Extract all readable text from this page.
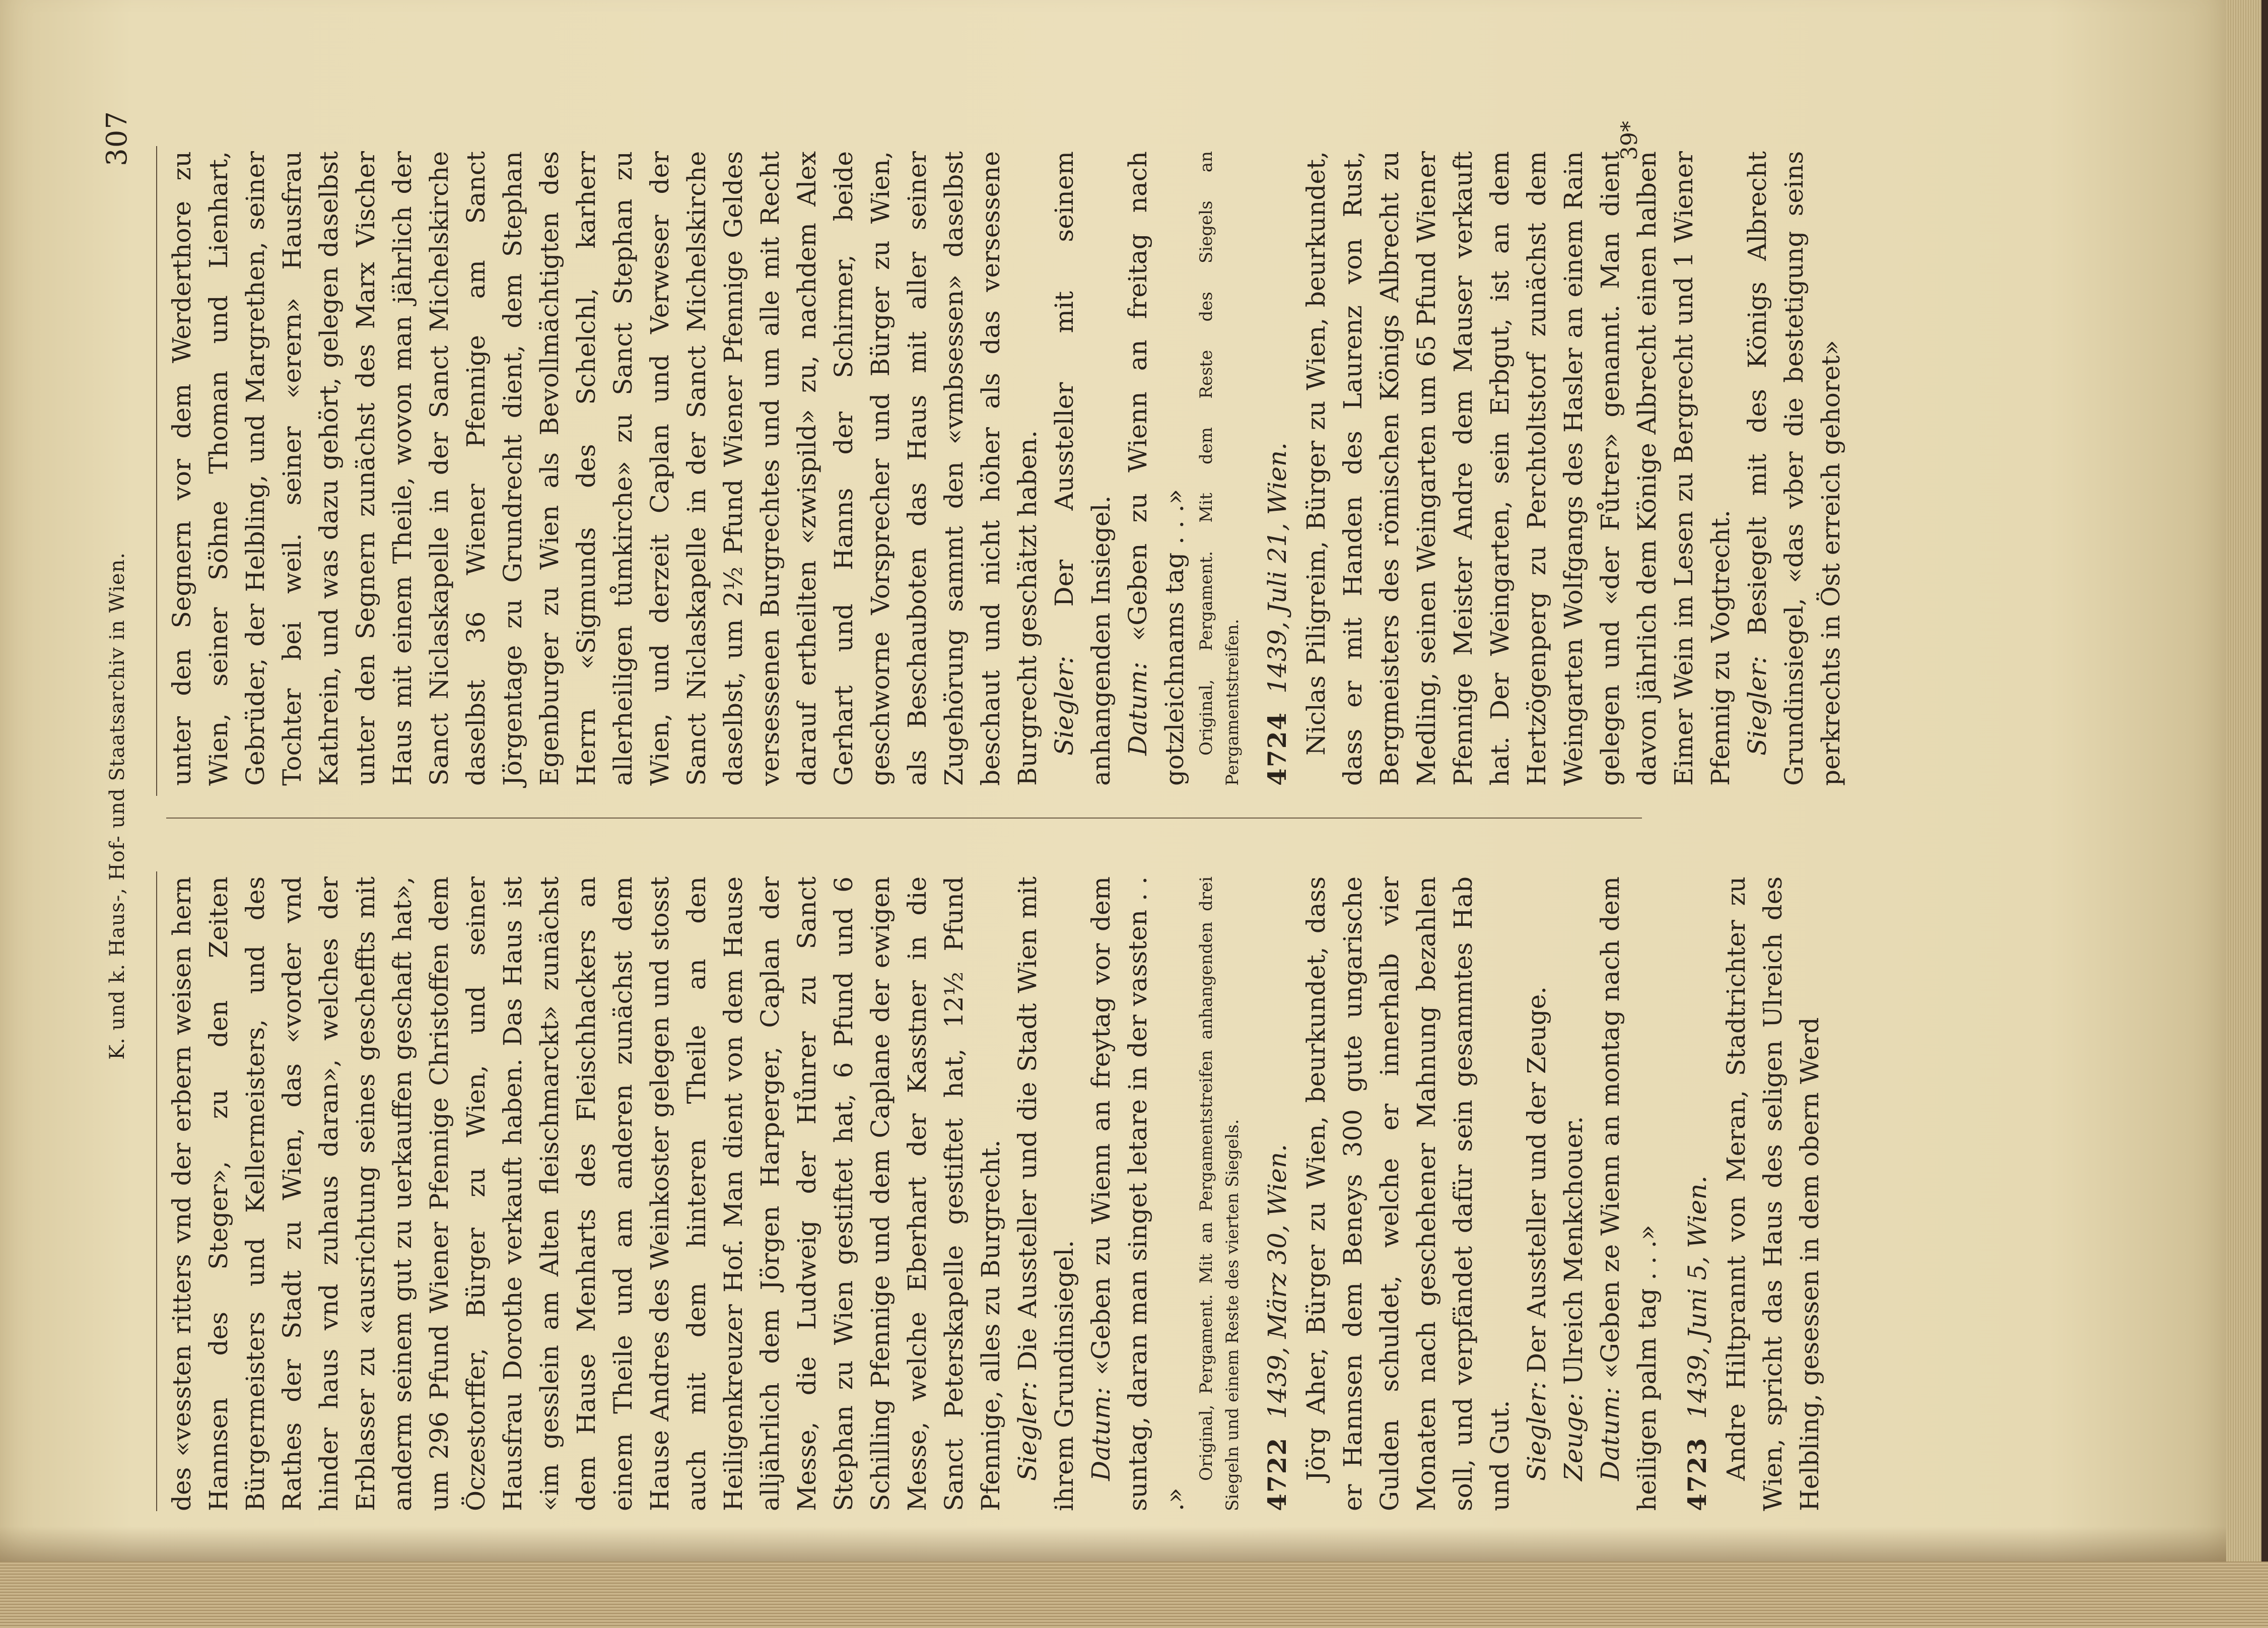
K. und k. Haus-, Hof- und Staatsarchiv in Wien.
307

des «vessten ritters vnd der erbern weisen hern Hannsen des Steger», zu den Zeiten Bürgermeisters und Kellermeisters, und des Rathes der Stadt zu Wien, das «vorder vnd hinder haus vnd zuhaus daran», welches der Erblasser zu «ausrichtung seines gescheffts mit anderm seinem gut zu uerkauffen geschaft hat», um 296 Pfund Wiener Pfennige Christoffen dem Öczestorffer, Bürger zu Wien, und seiner Hausfrau Dorothe verkauft haben. Das Haus ist «im gesslein am Alten fleischmarckt» zunächst dem Hause Menharts des Fleischhackers an einem Theile und am anderen zunächst dem Hause Andres des Weinkoster gelegen und stosst auch mit dem hinteren Theile an den Heiligenkreuzer Hof. Man dient von dem Hause alljährlich dem Jörgen Harperger, Caplan der Messe, die Ludweig der Hůnrer zu Sanct Stephan zu Wien gestiftet hat, 6 Pfund und 6 Schilling Pfennige und dem Caplane der ewigen Messe, welche Eberhart der Kasstner in die Sanct Peterskapelle gestiftet hat, 12½ Pfund Pfennige, alles zu Burgrecht. Siegler: Die Aussteller und die Stadt Wien mit ihrem Grundinsiegel. Datum: «Geben zu Wienn an freytag vor dem suntag, daran man singet letare in der vassten . . .»

Original, Pergament. Mit an Pergamentstreifen anhangenden drei Siegeln und einem Reste des vierten Siegels. 47221439, März 30, Wien. Jörg Aher, Bürger zu Wien, beurkundet, dass er Hannsen dem Beneys 300 gute ungarische Gulden schuldet, welche er innerhalb vier Monaten nach geschehener Mahnung bezahlen soll, und verpfändet dafür sein gesammtes Hab und Gut. Siegler: Der Aussteller und der Zeuge.

Zeuge: Ulreich Menkchouer.

Datum: «Geben ze Wienn an montag nach dem heiligen palm tag . . .» 47231439, Juni 5, Wien. Andre Hiltprannt von Meran, Stadtrichter zu Wien, spricht das Haus des seligen Ulreich des Helbling, gesessen in dem obern Werd

unter den Segnern vor dem Werderthore zu Wien, seiner Söhne Thoman und Lienhart, Gebrüder, der Helbling, und Margrethen, seiner Tochter bei weil. seiner «erern» Hausfrau Kathrein, und was dazu gehört, gelegen daselbst unter den Segnern zunächst des Marx Vischer Haus mit einem Theile, wovon man jährlich der Sanct Niclaskapelle in der Sanct Michelskirche daselbst 36 Wiener Pfennige am Sanct Jörgentage zu Grundrecht dient, dem Stephan Egenburger zu Wien als Bevollmächtigten des Herrn «Sigmunds des Schelchl, karherr allerheiligen tůmkirche» zu Sanct Stephan zu Wien, und derzeit Caplan und Verweser der Sanct Niclaskapelle in der Sanct Michelskirche daselbst, um 2½ Pfund Wiener Pfennige Geldes versessenen Burgrechtes und um alle mit Recht darauf ertheilten «zwispild» zu, nachdem Alex Gerhart und Hanns der Schirmer, beide geschworne Vorsprecher und Bürger zu Wien, als Beschauboten das Haus mit aller seiner Zugehörung sammt den «vmbsessen» daselbst beschaut und nicht höher als das versessene Burgrecht geschätzt haben. Siegler: Der Aussteller mit seinem anhangenden Insiegel. Datum: «Geben zu Wienn an freitag nach gotzleichnams tag . . .» Original, Pergament. Mit dem Reste des Siegels an Pergamentstreifen. 47241439, Juli 21, Wien. Niclas Piligreim, Bürger zu Wien, beurkundet, dass er mit Handen des Laurenz von Rust, Bergmeisters des römischen Königs Albrecht zu Medling, seinen Weingarten um 65 Pfund Wiener Pfennige Meister Andre dem Mauser verkauft hat. Der Weingarten, sein Erbgut, ist an dem Hertzögenperg zu Perchtoltstorf zunächst dem Weingarten Wolfgangs des Hasler an einem Rain gelegen und «der Fůtrer» genannt. Man dient davon jährlich dem Könige Albrecht einen halben Eimer Wein im Lesen zu Bergrecht und 1 Wiener Pfennig zu Vogtrecht. Siegler: Besiegelt mit des Königs Albrecht Grundinsiegel, «das vber die bestetigung seins perkrechts in Öst erreich gehoret»

39*
